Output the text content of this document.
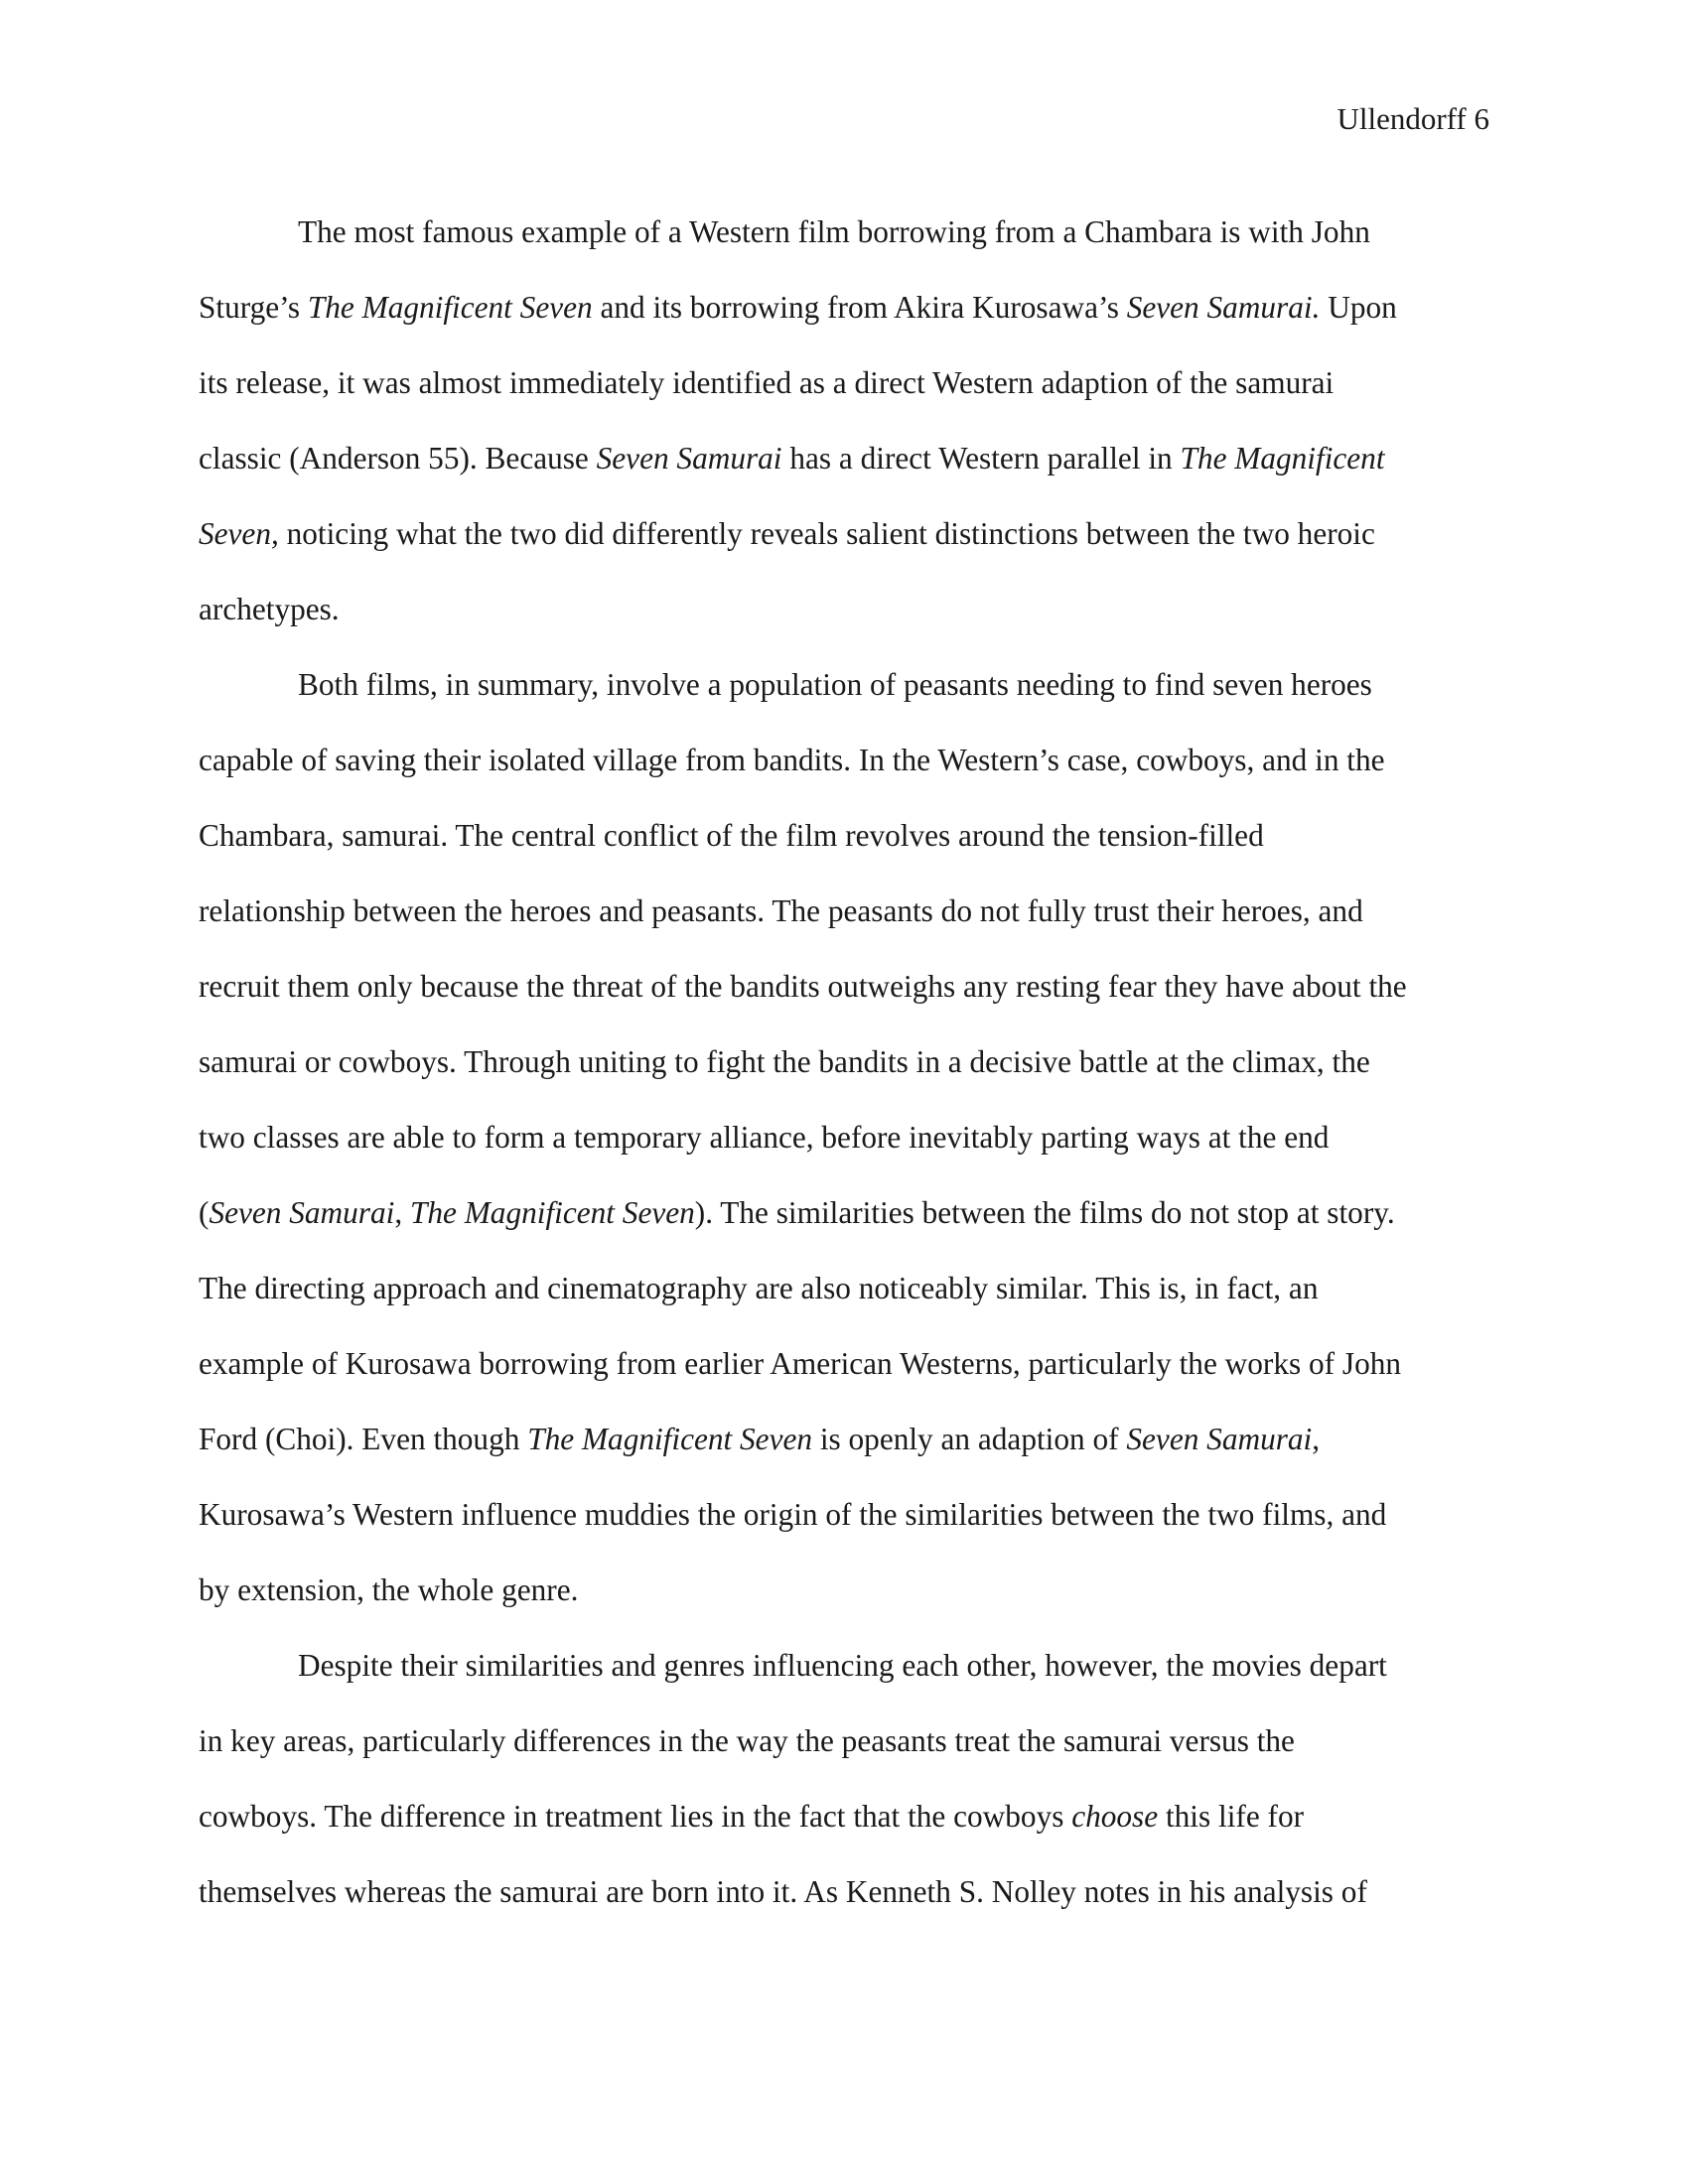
Ullendorff 6
The most famous example of a Western film borrowing from a Chambara is with John
Sturge’s The Magnificent Seven and its borrowing from Akira Kurosawa’s Seven Samurai. Upon
its release, it was almost immediately identified as a direct Western adaption of the samurai
classic (Anderson 55). Because Seven Samurai has a direct Western parallel in The Magnificent
Seven, noticing what the two did differently reveals salient distinctions between the two heroic
archetypes.
Both films, in summary, involve a population of peasants needing to find seven heroes
capable of saving their isolated village from bandits. In the Western’s case, cowboys, and in the
Chambara, samurai. The central conflict of the film revolves around the tension-filled
relationship between the heroes and peasants. The peasants do not fully trust their heroes, and
recruit them only because the threat of the bandits outweighs any resting fear they have about the
samurai or cowboys. Through uniting to fight the bandits in a decisive battle at the climax, the
two classes are able to form a temporary alliance, before inevitably parting ways at the end
(Seven Samurai, The Magnificent Seven). The similarities between the films do not stop at story.
The directing approach and cinematography are also noticeably similar. This is, in fact, an
example of Kurosawa borrowing from earlier American Westerns, particularly the works of John
Ford (Choi). Even though The Magnificent Seven is openly an adaption of Seven Samurai,
Kurosawa’s Western influence muddies the origin of the similarities between the two films, and
by extension, the whole genre.
Despite their similarities and genres influencing each other, however, the movies depart
in key areas, particularly differences in the way the peasants treat the samurai versus the
cowboys. The difference in treatment lies in the fact that the cowboys choose this life for
themselves whereas the samurai are born into it. As Kenneth S. Nolley notes in his analysis of
